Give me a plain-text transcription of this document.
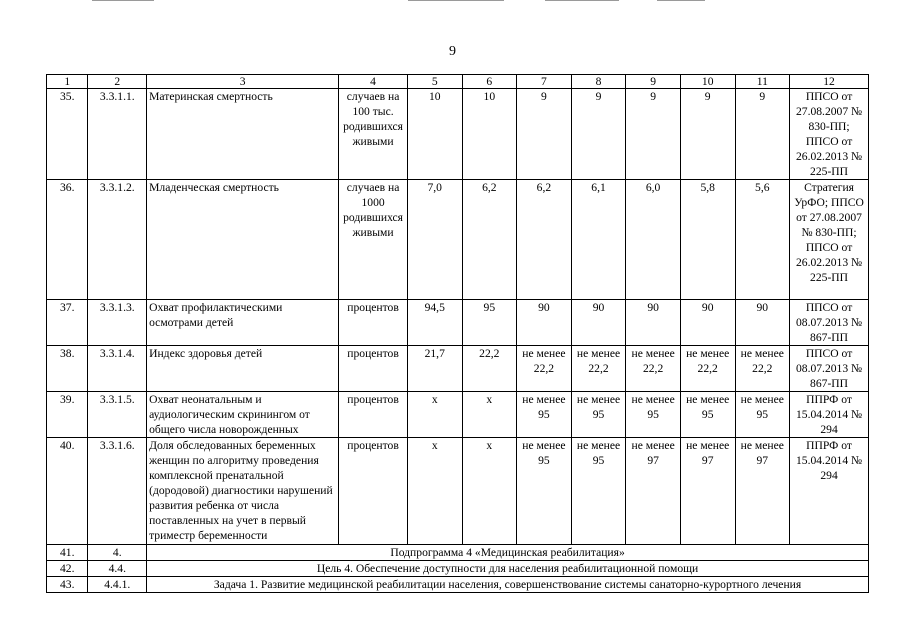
9
1	2	3	4	5	6	7	8	9	10	11	12
35.	3.3.1.1.	Материнская смертность	случаев на 100 тыс. родившихся живыми	10	10	9	9	9	9	9	ППСО от 27.08.2007 № 830-ПП; ППСО от 26.02.2013 № 225-ПП
36.	3.3.1.2.	Младенческая смертность	случаев на 1000 родившихся живыми	7,0	6,2	6,2	6,1	6,0	5,8	5,6	Стратегия УрФО; ППСО от 27.08.2007 № 830-ПП; ППСО от 26.02.2013 № 225-ПП
37.	3.3.1.3.	Охват профилактическими осмотрами детей	процентов	94,5	95	90	90	90	90	90	ППСО от 08.07.2013 № 867-ПП
38.	3.3.1.4.	Индекс здоровья детей	процентов	21,7	22,2	не менее 22,2	не менее 22,2	не менее 22,2	не менее 22,2	не менее 22,2	ППСО от 08.07.2013 № 867-ПП
39.	3.3.1.5.	Охват неонатальным и аудиологическим скринингом от общего числа новорожденных	процентов	х	х	не менее 95	не менее 95	не менее 95	не менее 95	не менее 95	ППРФ от 15.04.2014 № 294
40.	3.3.1.6.	Доля обследованных беременных женщин по алгоритму проведения комплексной пренатальной (дородовой) диагностики нарушений развития ребенка от числа поставленных на учет в первый триместр беременности	процентов	х	х	не менее 95	не менее 95	не менее 97	не менее 97	не менее 97	ППРФ от 15.04.2014 № 294
41.	4.	Подпрограмма 4 «Медицинская реабилитация»									
42.	4.4.	Цель 4. Обеспечение доступности для населения реабилитационной помощи									
43.	4.4.1.	Задача 1. Развитие медицинской реабилитации населения, совершенствование системы санаторно-курортного лечения									
